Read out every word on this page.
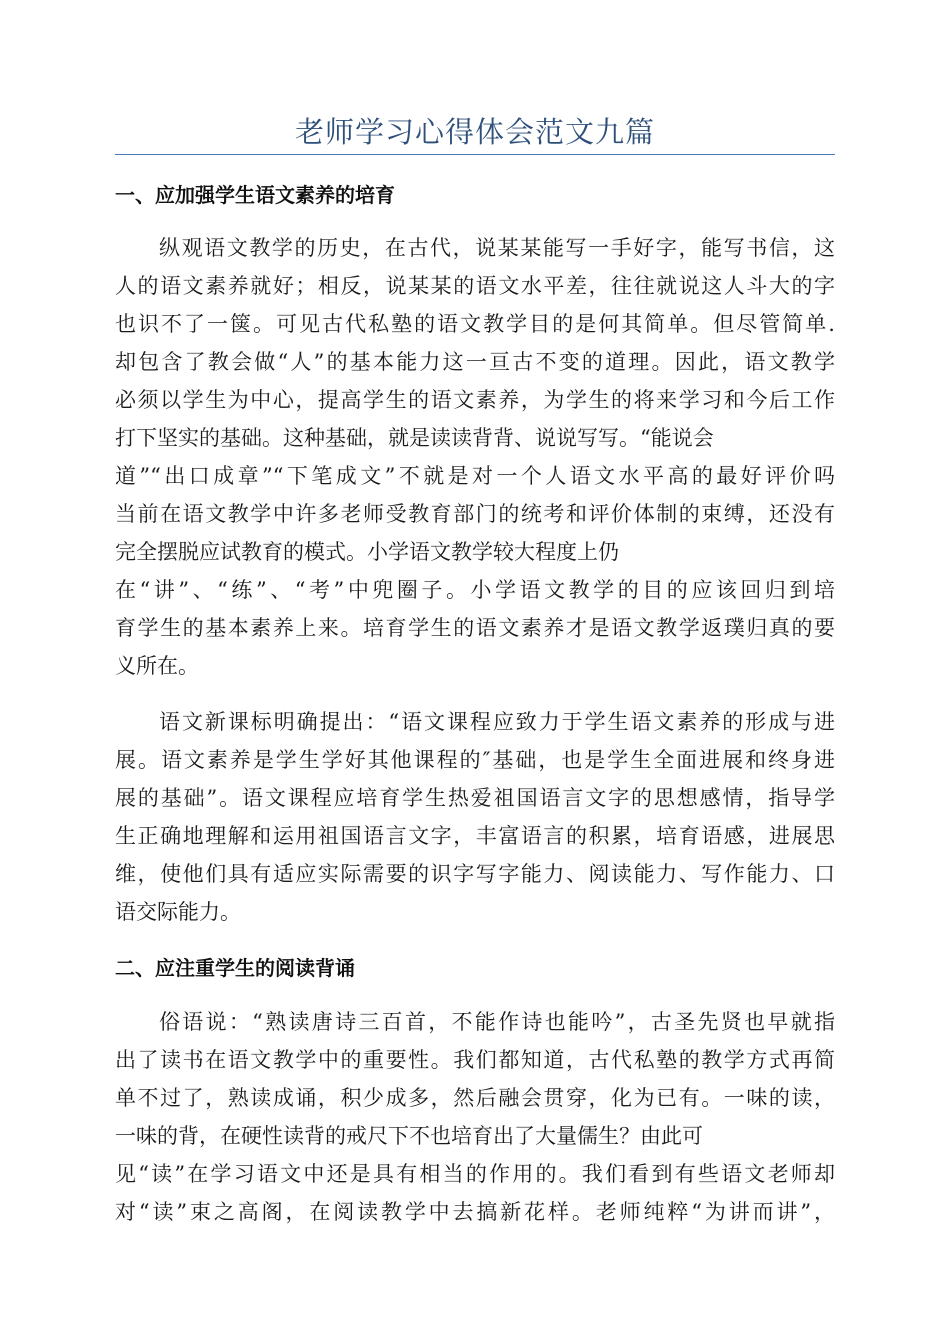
老师学习心得体会范文九篇
一、应加强学生语文素养的培育
纵观语文教学的历史，在古代，说某某能写一手好字，能写书信，这
人的语文素养就好；相反，说某某的语文水平差，往往就说这人斗大的字
也识不了一箧。可见古代私塾的语文教学目的是何其简单。但尽管简单.
却包含了教会做“人”的基本能力这一亘古不变的道理。因此，语文教学
必须以学生为中心，提高学生的语文素养，为学生的将来学习和今后工作
打下坚实的基础。这种基础，就是读读背背、说说写写。“能说会
道”“出口成章”“下笔成文”不就是对一个人语文水平高的最好评价吗
当前在语文教学中许多老师受教育部门的统考和评价体制的束缚，还没有
完全摆脱应试教育的模式。小学语文教学较大程度上仍
在“讲”、“练”、“考”中兜圈子。小学语文教学的目的应该回归到培
育学生的基本素养上来。培育学生的语文素养才是语文教学返璞归真的要
义所在。
语文新课标明确提出：“语文课程应致力于学生语文素养的形成与进
展。语文素养是学生学好其他课程的″基础，也是学生全面进展和终身进
展的基础”。语文课程应培育学生热爱祖国语言文字的思想感情，指导学
生正确地理解和运用祖国语言文字，丰富语言的积累，培育语感，进展思
维，使他们具有适应实际需要的识字写字能力、阅读能力、写作能力、口
语交际能力。
二、应注重学生的阅读背诵
俗语说：“熟读唐诗三百首，不能作诗也能吟”，古圣先贤也早就指
出了读书在语文教学中的重要性。我们都知道，古代私塾的教学方式再简
单不过了，熟读成诵，积少成多，然后融会贯穿，化为已有。一味的读，
一味的背，在硬性读背的戒尺下不也培育出了大量儒生？由此可
见“读”在学习语文中还是具有相当的作用的。我们看到有些语文老师却
对“读”束之高阁，在阅读教学中去搞新花样。老师纯粹“为讲而讲”，
